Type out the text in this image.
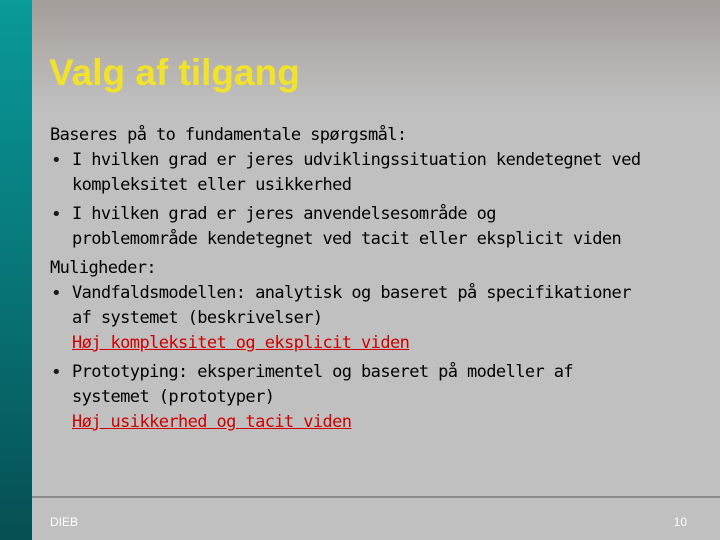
Valg af tilgang
Baseres på to fundamentale spørgsmål:
• I hvilken grad er jeres udviklingssituation kendetegnet ved
kompleksitet eller usikkerhed
• I hvilken grad er jeres anvendelsesområde og
problemområde kendetegnet ved tacit eller eksplicit viden
Muligheder:
• Vandfaldsmodellen: analytisk og baseret på specifikationer
af systemet (beskrivelser)
Høj kompleksitet og eksplicit viden
• Prototyping: eksperimentel og baseret på modeller af
systemet (prototyper)
Høj usikkerhed og tacit viden
DIEB	10
